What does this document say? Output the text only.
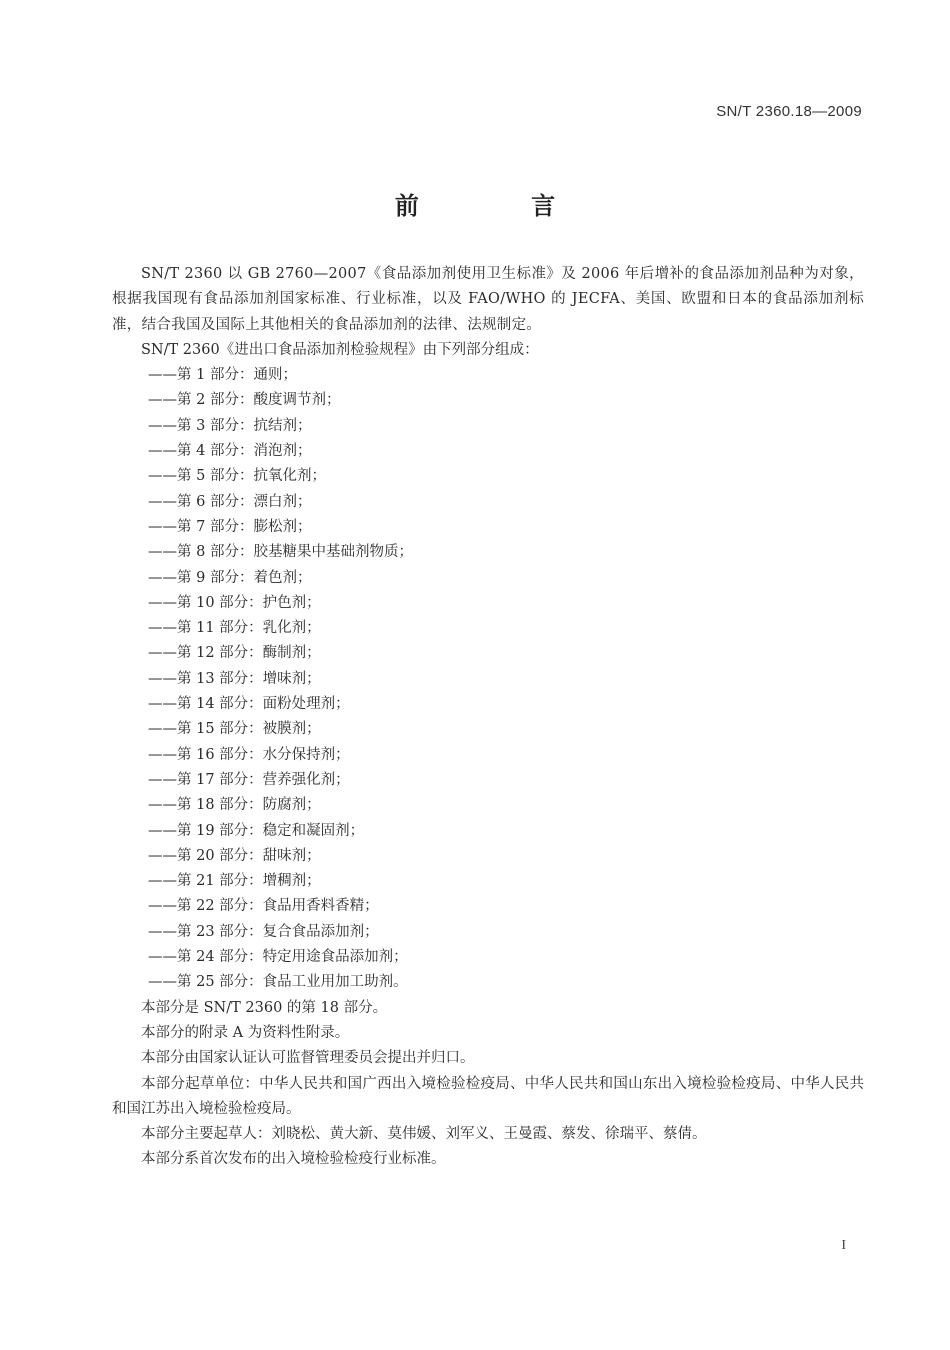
SN/T 2360.18—2009
前 言

SN/T 2360 以 GB 2760—2007《食品添加剂使用卫生标准》及 2006 年后增补的食品添加剂品种为对象，根据我国现有食品添加剂国家标准、行业标准，以及 FAO/WHO 的 JECFA、美国、欧盟和日本的食品添加剂标准，结合我国及国际上其他相关的食品添加剂的法律、法规制定。

SN/T 2360《进出口食品添加剂检验规程》由下列部分组成：

——第 1 部分：通则；
——第 2 部分：酸度调节剂；
——第 3 部分：抗结剂；
——第 4 部分：消泡剂；
——第 5 部分：抗氧化剂；
——第 6 部分：漂白剂；
——第 7 部分：膨松剂；
——第 8 部分：胶基糖果中基础剂物质；
——第 9 部分：着色剂；
——第 10 部分：护色剂；
——第 11 部分：乳化剂；
——第 12 部分：酶制剂；
——第 13 部分：增味剂；
——第 14 部分：面粉处理剂；
——第 15 部分：被膜剂；
——第 16 部分：水分保持剂；
——第 17 部分：营养强化剂；
——第 18 部分：防腐剂；
——第 19 部分：稳定和凝固剂；
——第 20 部分：甜味剂；
——第 21 部分：增稠剂；
——第 22 部分：食品用香料香精；
——第 23 部分：复合食品添加剂；
——第 24 部分：特定用途食品添加剂；
——第 25 部分：食品工业用加工助剂。

本部分是 SN/T 2360 的第 18 部分。

本部分的附录 A 为资料性附录。

本部分由国家认证认可监督管理委员会提出并归口。

本部分起草单位：中华人民共和国广西出入境检验检疫局、中华人民共和国山东出入境检验检疫局、中华人民共和国江苏出入境检验检疫局。

本部分主要起草人：刘晓松、黄大新、莫伟媛、刘军义、王曼霞、蔡发、徐瑞平、蔡倩。

本部分系首次发布的出入境检验检疫行业标准。

I
